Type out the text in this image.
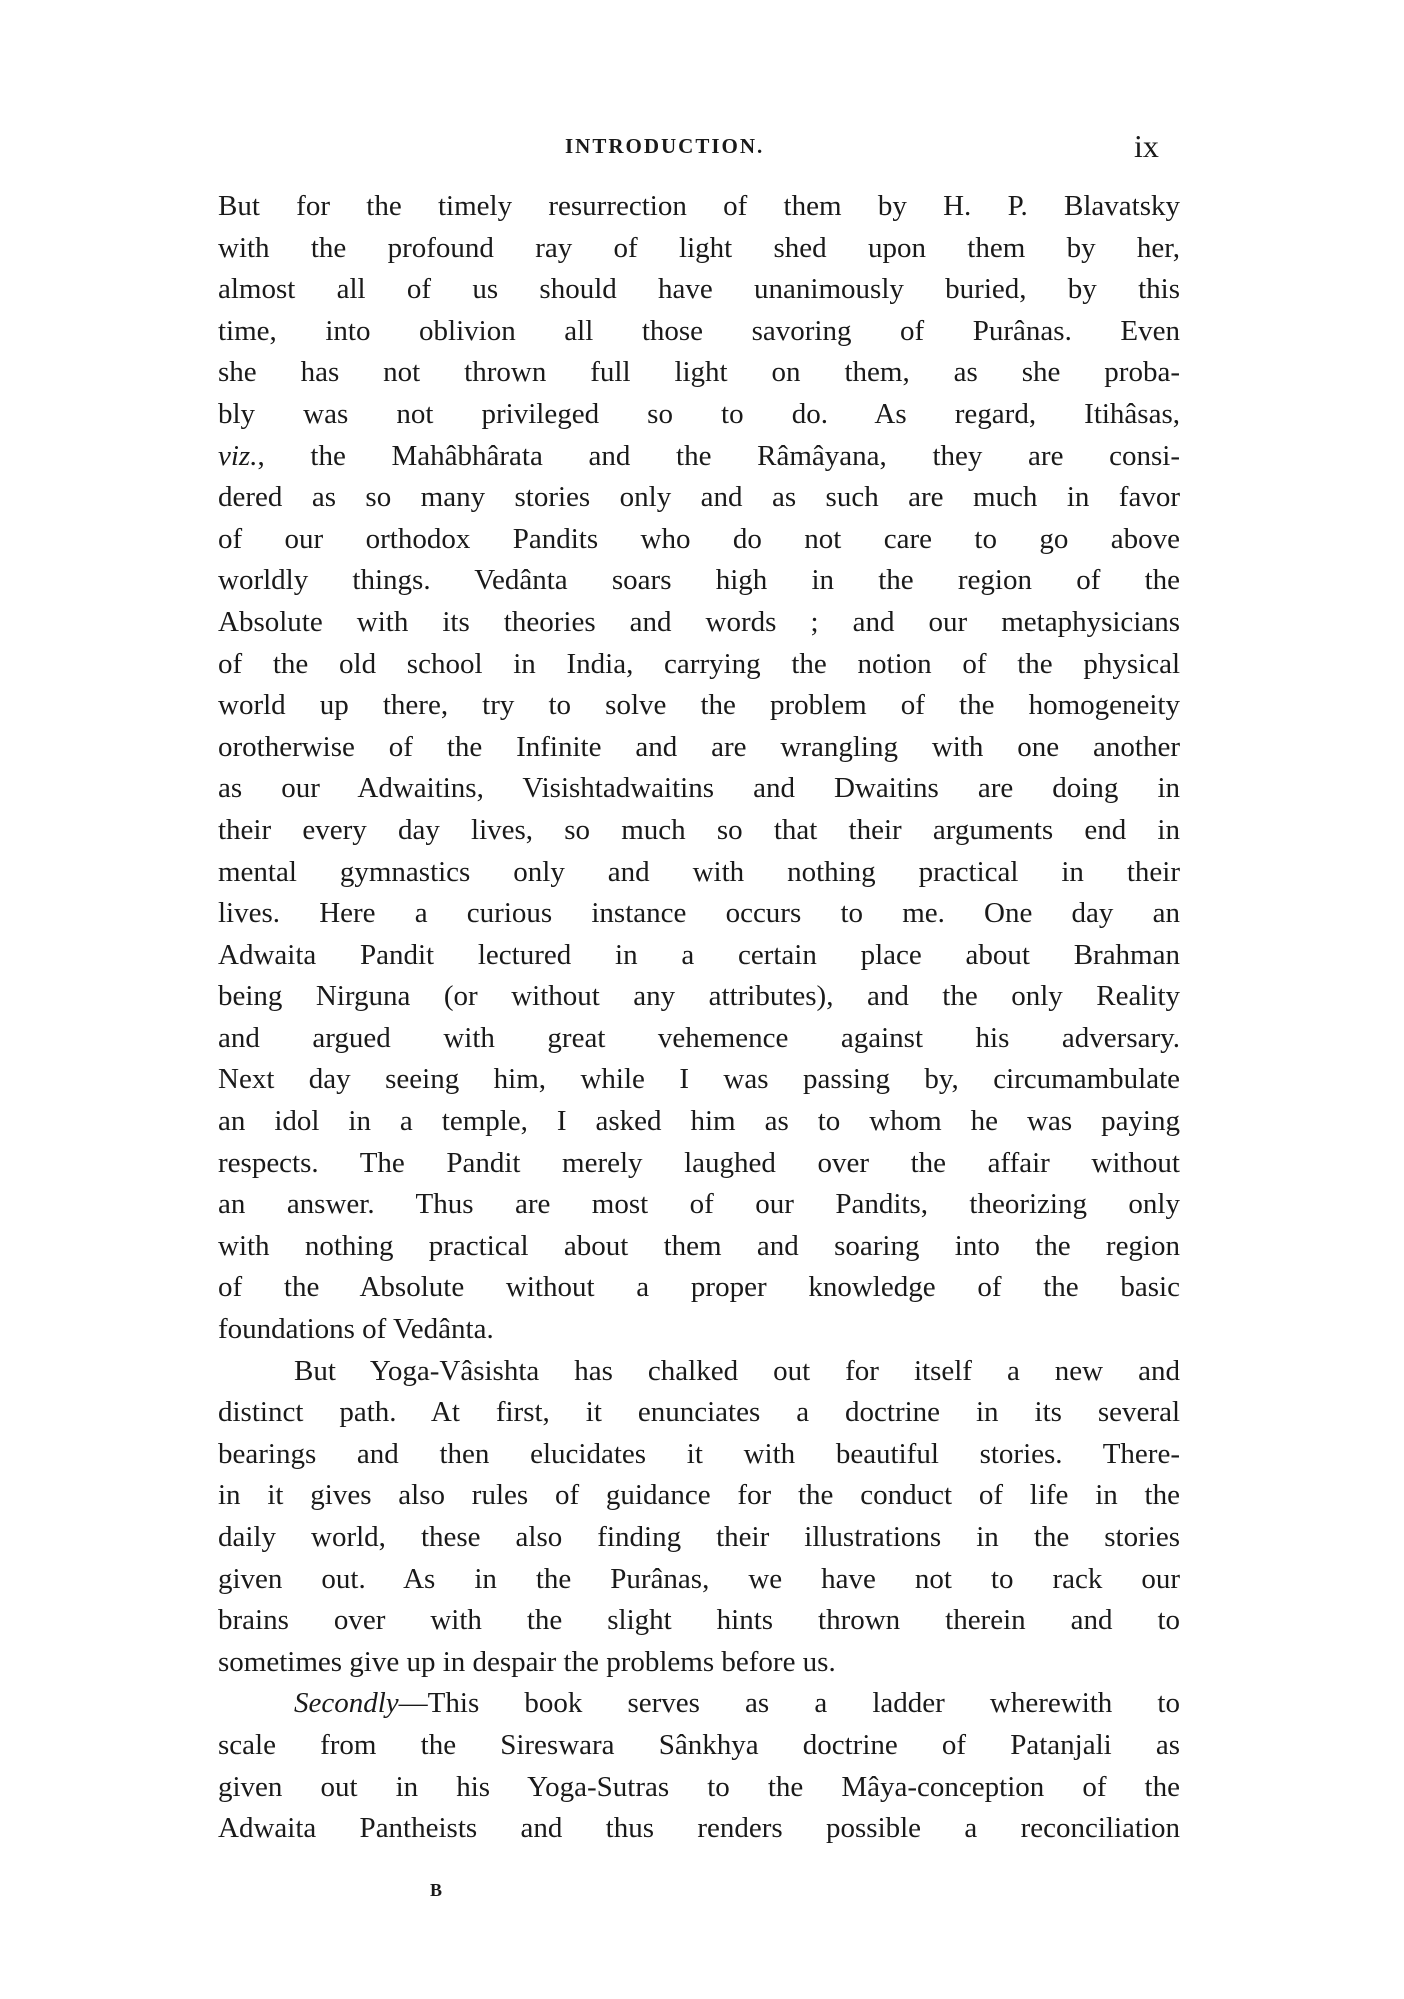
INTRODUCTION.	ix
But for the timely resurrection of them by H. P. Blavatsky
with the profound ray of light shed upon them by her,
almost all of us should have unanimously buried, by this
time, into oblivion all those savoring of Purânas. Even
she has not thrown full light on them, as she proba-
bly was not privileged so to do. As regard, Itihâsas,
viz., the Mahâbhârata and the Râmâyana, they are consi-
dered as so many stories only and as such are much in favor
of our orthodox Pandits who do not care to go above
worldly things. Vedânta soars high in the region of the
Absolute with its theories and words ; and our metaphysicians
of the old school in India, carrying the notion of the physical
world up there, try to solve the problem of the homogeneity
orotherwise of the Infinite and are wrangling with one another
as our Adwaitins, Visishtadwaitins and Dwaitins are doing in
their every day lives, so much so that their arguments end in
mental gymnastics only and with nothing practical in their
lives. Here a curious instance occurs to me. One day an
Adwaita Pandit lectured in a certain place about Brahman
being Nirguna (or without any attributes), and the only Reality
and argued with great vehemence against his adversary.
Next day seeing him, while I was passing by, circumambulate
an idol in a temple, I asked him as to whom he was paying
respects. The Pandit merely laughed over the affair without
an answer. Thus are most of our Pandits, theorizing only
with nothing practical about them and soaring into the region
of the Absolute without a proper knowledge of the basic
foundations of Vedânta.
But Yoga-Vâsishta has chalked out for itself a new and
distinct path. At first, it enunciates a doctrine in its several
bearings and then elucidates it with beautiful stories. There-
in it gives also rules of guidance for the conduct of life in the
daily world, these also finding their illustrations in the stories
given out. As in the Purânas, we have not to rack our
brains over with the slight hints thrown therein and to
sometimes give up in despair the problems before us.
Secondly—This book serves as a ladder wherewith to
scale from the Sireswara Sânkhya doctrine of Patanjali as
given out in his Yoga-Sutras to the Mâya-conception of the
Adwaita Pantheists and thus renders possible a reconciliation
B
